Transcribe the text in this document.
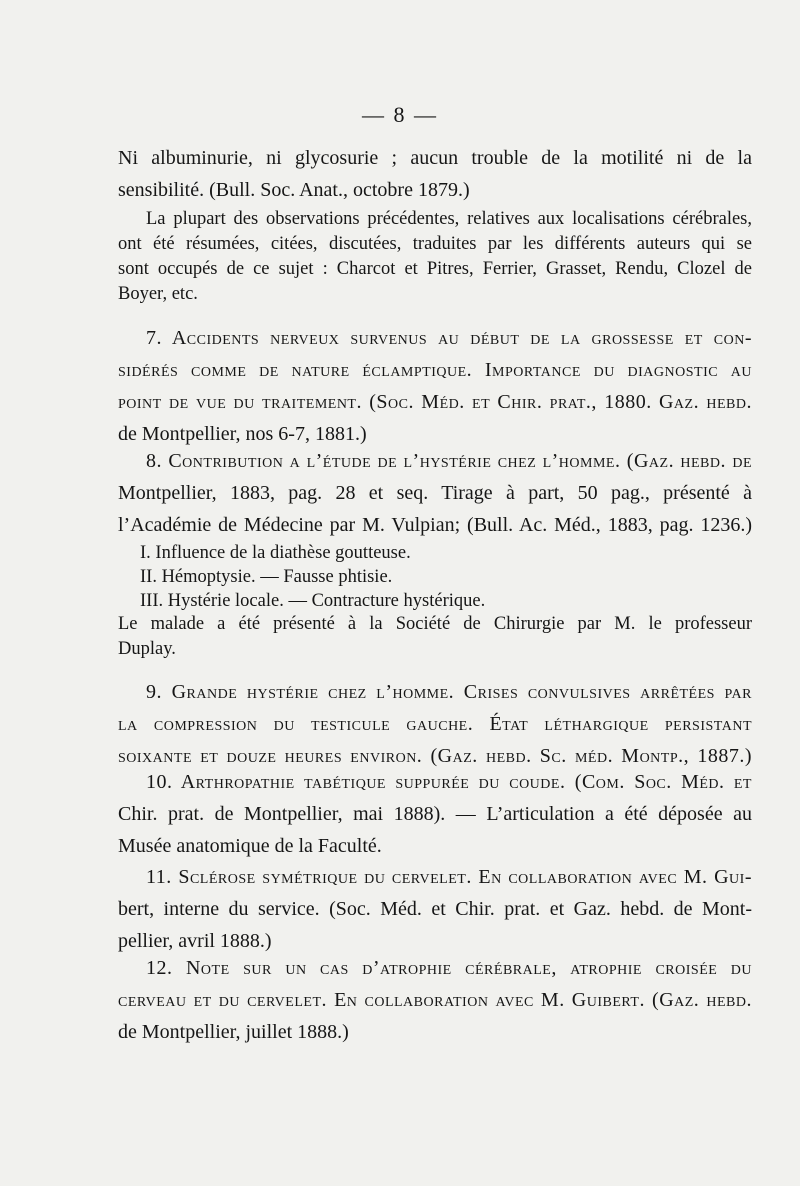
— 8 —
Ni albuminurie, ni glycosurie ; aucun trouble de la motilité ni de la
sensibilité. (Bull. Soc. Anat., octobre 1879.)
La plupart des observations précédentes, relatives aux localisations cérébrales,
ont été résumées, citées, discutées, traduites par les différents auteurs qui se
sont occupés de ce sujet : Charcot et Pitres, Ferrier, Grasset, Rendu, Clozel de
Boyer, etc.
7. Accidents nerveux survenus au début de la grossesse et con-
sidérés comme de nature éclamptique. Importance du diagnostic au
point de vue du traitement. (Soc. Méd. et Chir. prat., 1880. Gaz. hebd.
de Montpellier, nos 6-7, 1881.)
8. Contribution a l’étude de l’hystérie chez l’homme. (Gaz. hebd. de
Montpellier, 1883, pag. 28 et seq. Tirage à part, 50 pag., présenté à
l’Académie de Médecine par M. Vulpian; (Bull. Ac. Méd., 1883, pag. 1236.)
I. Influence de la diathèse goutteuse.
II. Hémoptysie. — Fausse phtisie.
III. Hystérie locale. — Contracture hystérique.
Le malade a été présenté à la Société de Chirurgie par M. le professeur
Duplay.
9. Grande hystérie chez l’homme. Crises convulsives arrêtées par
la compression du testicule gauche. État léthargique persistant
soixante et douze heures environ. (Gaz. hebd. Sc. méd. Montp., 1887.)
10. Arthropathie tabétique suppurée du coude. (Com. Soc. Méd. et
Chir. prat. de Montpellier, mai 1888). — L’articulation a été déposée au
Musée anatomique de la Faculté.
11. Sclérose symétrique du cervelet. En collaboration avec M. Gui-
bert, interne du service. (Soc. Méd. et Chir. prat. et Gaz. hebd. de Mont-
pellier, avril 1888.)
12. Note sur un cas d’atrophie cérébrale, atrophie croisée du
cerveau et du cervelet. En collaboration avec M. Guibert. (Gaz. hebd.
de Montpellier, juillet 1888.)
